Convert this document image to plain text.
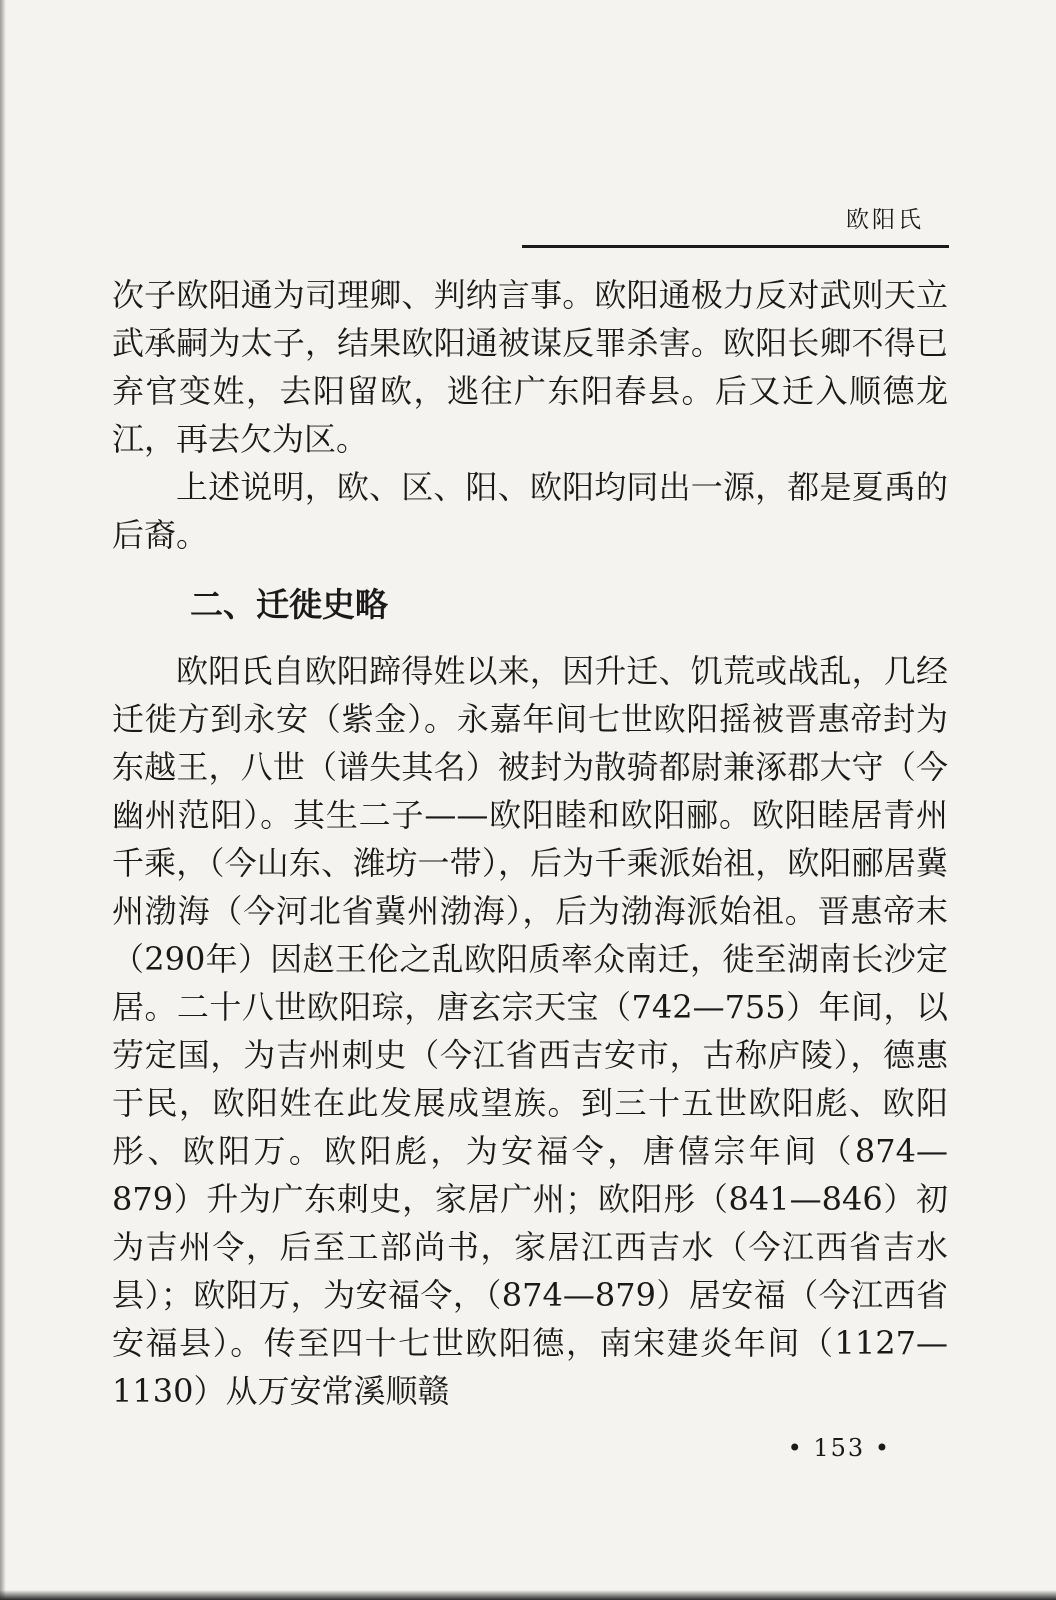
欧阳氏

次子欧阳通为司理卿、判纳言事。欧阳通极力反对武则天立武承嗣为太子，结果欧阳通被谋反罪杀害。欧阳长卿不得已弃官变姓，去阳留欧，逃往广东阳春县。后又迁入顺德龙江，再去欠为区。

上述说明，欧、区、阳、欧阳均同出一源，都是夏禹的后裔。

二、迁徙史略

欧阳氏自欧阳蹄得姓以来，因升迁、饥荒或战乱，几经迁徙方到永安（紫金）。永嘉年间七世欧阳摇被晋惠帝封为东越王，八世（谱失其名）被封为散骑都尉兼涿郡大守（今幽州范阳）。其生二子——欧阳睦和欧阳郦。欧阳睦居青州千乘，（今山东、潍坊一带），后为千乘派始祖，欧阳郦居冀州渤海（今河北省冀州渤海），后为渤海派始祖。晋惠帝末（290年）因赵王伦之乱欧阳质率众南迁，徙至湖南长沙定居。二十八世欧阳琮，唐玄宗天宝（742—755）年间，以劳定国，为吉州刺史（今江省西吉安市，古称庐陵），德惠于民，欧阳姓在此发展成望族。到三十五世欧阳彪、欧阳彤、欧阳万。欧阳彪，为安福令，唐僖宗年间（874—879）升为广东刺史，家居广州；欧阳彤（841—846）初为吉州令，后至工部尚书，家居江西吉水（今江西省吉水县）；欧阳万，为安福令，（874—879）居安福（今江西省安福县）。传至四十七世欧阳德，南宋建炎年间（1127—1130）从万安常溪顺赣

• 153 •
